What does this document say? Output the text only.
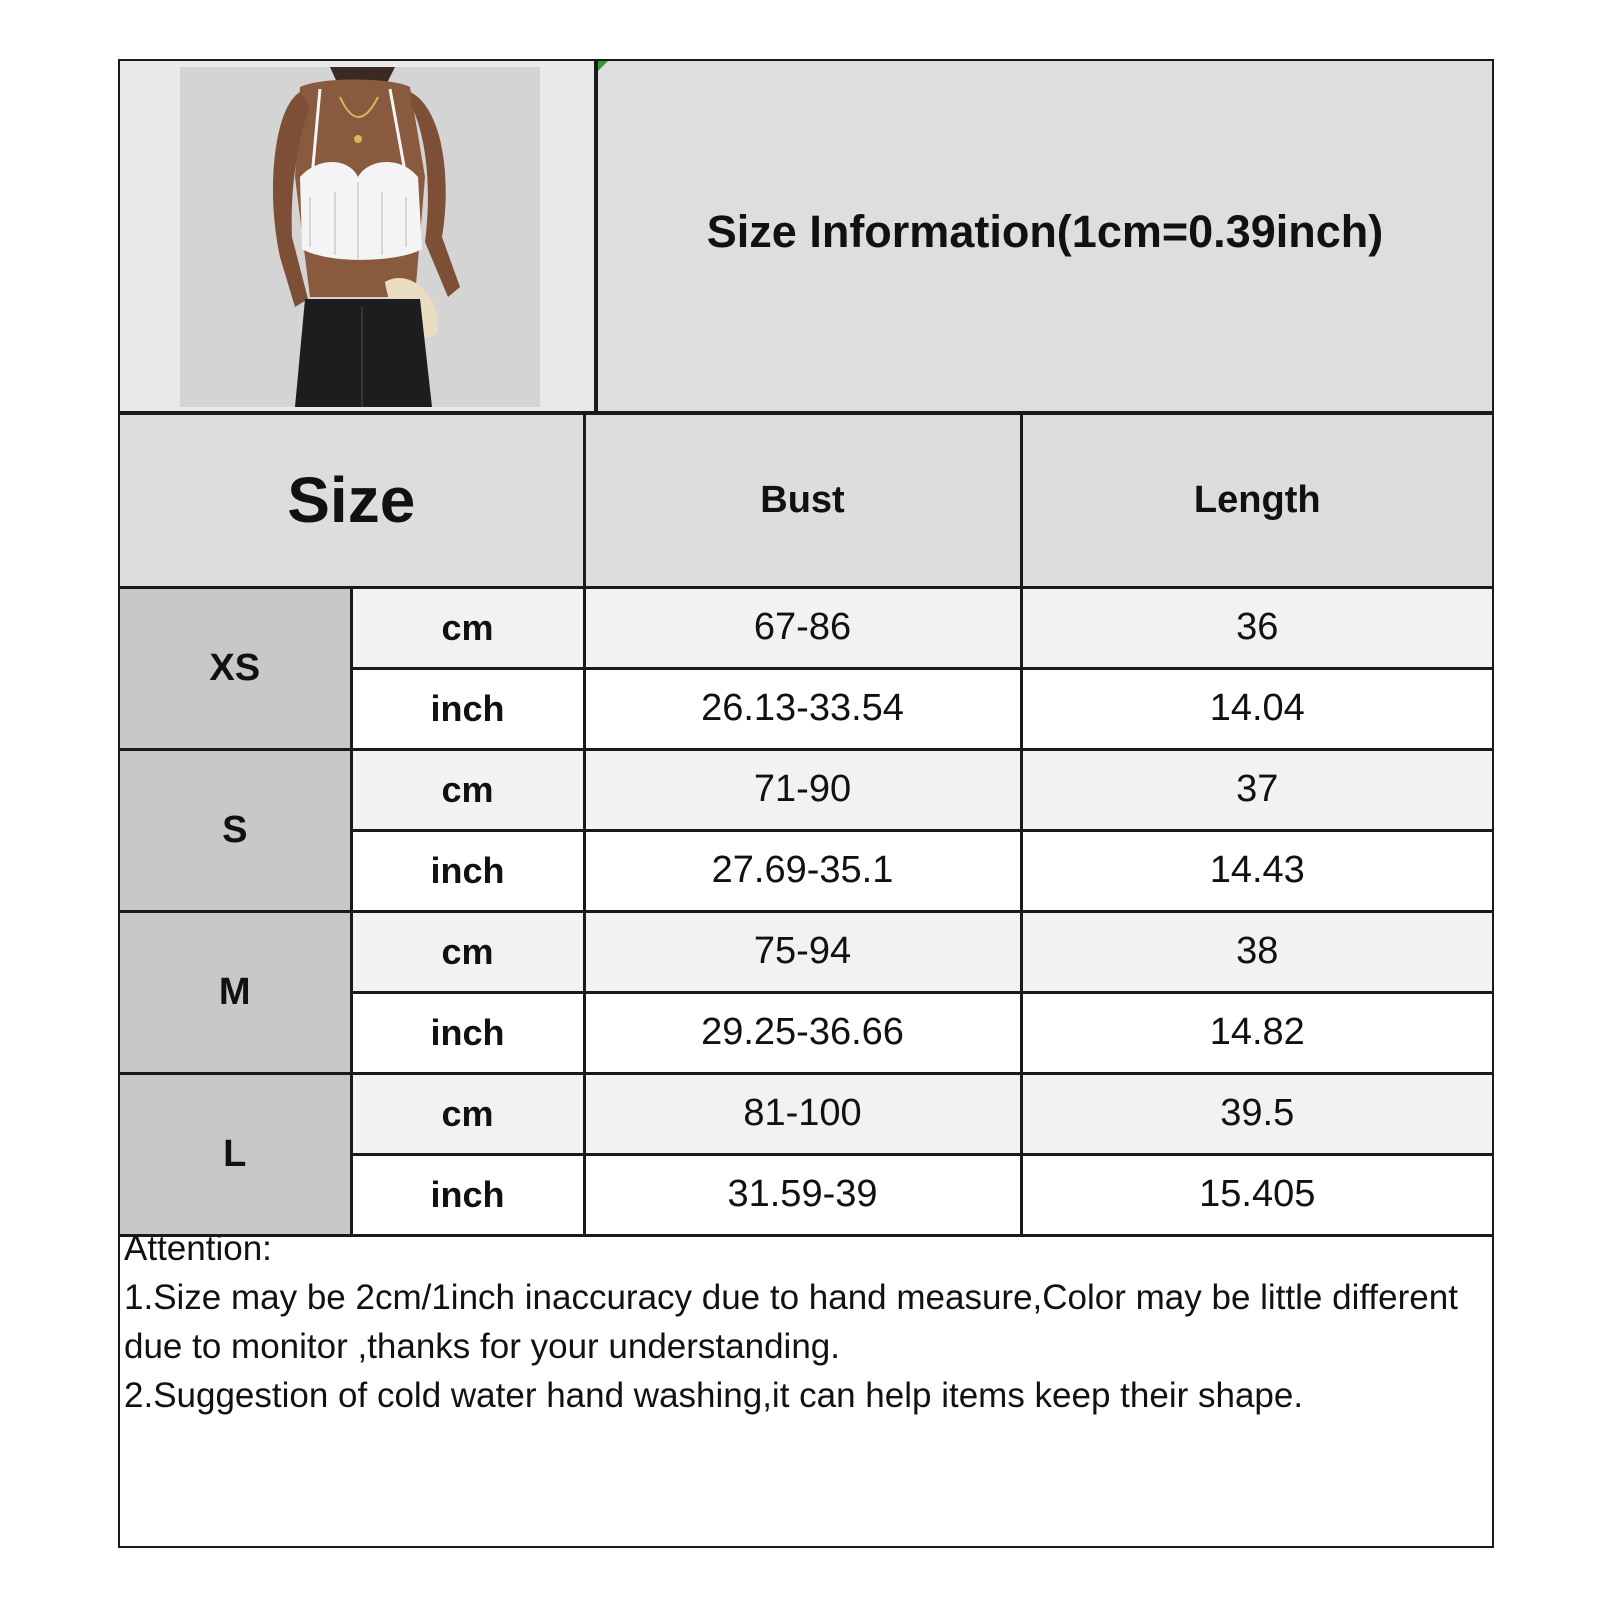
Size Information(1cm=0.39inch)
Size		Bust	Length
XS	cm	67-86	36
	inch	26.13-33.54	14.04
S	cm	71-90	37
	inch	27.69-35.1	14.43
M	cm	75-94	38
	inch	29.25-36.66	14.82
L	cm	81-100	39.5
	inch	31.59-39	15.405

Attention:

1.Size may be 2cm/1inch inaccuracy due to hand measure,Color may be little different due to monitor ,thanks for your understanding.

2.Suggestion of cold water hand washing,it can help items keep their shape.
